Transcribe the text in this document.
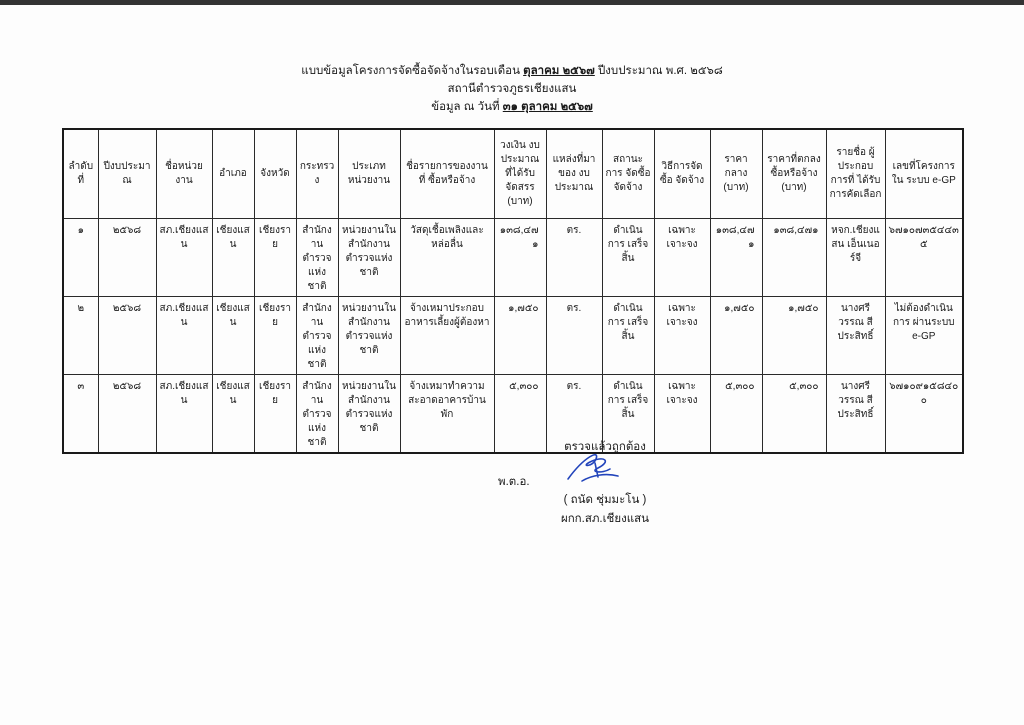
แบบข้อมูลโครงการจัดซื้อจัดจ้างในรอบเดือน ตุลาคม ๒๕๖๗ ปีงบประมาณ พ.ศ. ๒๕๖๘
สถานีตำรวจภูธรเชียงแสน
ข้อมูล ณ วันที่ ๓๑ ตุลาคม ๒๕๖๗
ลำดับที่	ปีงบประมาณ	ชื่อหน่วยงาน	อำเภอ	จังหวัด	กระทรวง	ประเภท หน่วยงาน	ชื่อรายการของงานที่ ซื้อหรือจ้าง	วงเงิน งบประมาณ ที่ได้รับ จัดสรร (บาท)	แหล่งที่มา ของ งบประมาณ	สถานะการ จัดซื้อจัดจ้าง	วิธีการจัดซื้อ จัดจ้าง	ราคากลาง (บาท)	ราคาที่ตกลง ซื้อหรือจ้าง (บาท)	รายชื่อ ผู้ประกอบการที่ ได้รับการคัดเลือก	เลขที่โครงการใน ระบบ e-GP
๑	๒๕๖๘	สภ.เชียงแสน	เชียงแสน	เชียงราย	สำนักงาน ตำรวจ แห่งชาติ	หน่วยงานใน สำนักงาน ตำรวจแห่งชาติ	วัสดุเชื้อเพลิงและหล่อลื่น	๑๓๘,๔๗๑	ตร.	ดำเนินการ เสร็จสิ้น	เฉพาะเจาะจง	๑๓๘,๔๗๑	๑๓๘,๔๗๑	หจก.เชียงแสน เอ็นเนอร์จี	๖๗๑๐๗๓๕๔๔๓๕
๒	๒๕๖๘	สภ.เชียงแสน	เชียงแสน	เชียงราย	สำนักงาน ตำรวจ แห่งชาติ	หน่วยงานใน สำนักงาน ตำรวจแห่งชาติ	จ้างเหมาประกอบ อาหารเลี้ยงผู้ต้องหา	๑,๗๕๐	ตร.	ดำเนินการ เสร็จสิ้น	เฉพาะเจาะจง	๑,๗๕๐	๑,๗๕๐	นางศรีวรรณ สีประสิทธิ์	ไม่ต้องดำเนินการ ผ่านระบบ e-GP
๓	๒๕๖๘	สภ.เชียงแสน	เชียงแสน	เชียงราย	สำนักงาน ตำรวจ แห่งชาติ	หน่วยงานใน สำนักงาน ตำรวจแห่งชาติ	จ้างเหมาทำความ สะอาดอาคารบ้านพัก	๕,๓๐๐	ตร.	ดำเนินการ เสร็จสิ้น	เฉพาะเจาะจง	๕,๓๐๐	๕,๓๐๐	นางศรีวรรณ สีประสิทธิ์	๖๗๑๐๙๑๕๘๔๐๐
ตรวจแล้วถูกต้อง
พ.ต.อ.
( ถนัด ชุ่มมะโน )
ผกก.สภ.เชียงแสน
